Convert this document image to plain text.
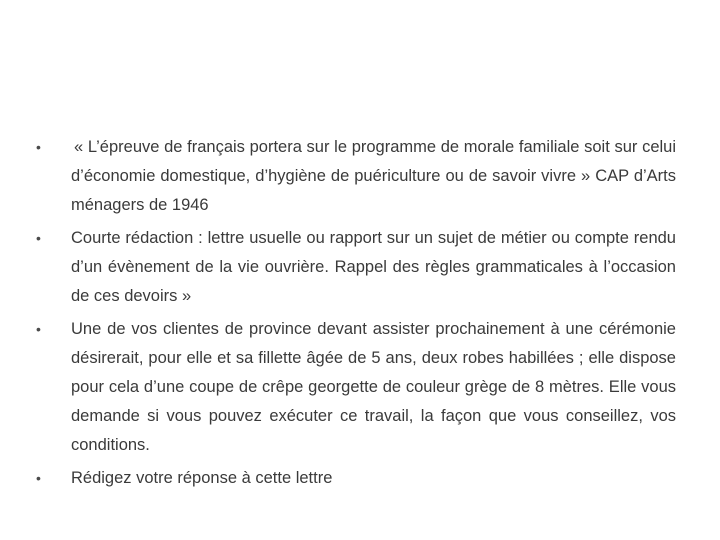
•	« L’épreuve de français portera sur le programme de morale familiale soit sur celui d’économie domestique, d’hygiène de puériculture ou de savoir vivre » CAP d’Arts ménagers de 1946
•	Courte rédaction : lettre usuelle ou rapport sur un sujet de métier ou compte rendu d’un évènement de la vie ouvrière. Rappel des règles grammaticales à l’occasion de ces devoirs »
•	Une de vos clientes de province devant assister prochainement à une cérémonie désirerait, pour elle et sa fillette âgée de 5 ans, deux robes habillées ; elle dispose pour cela d’une coupe de crêpe georgette de couleur grège de 8 mètres. Elle vous demande si vous pouvez exécuter ce travail, la façon que vous conseillez, vos conditions.
•	Rédigez votre réponse à cette lettre
